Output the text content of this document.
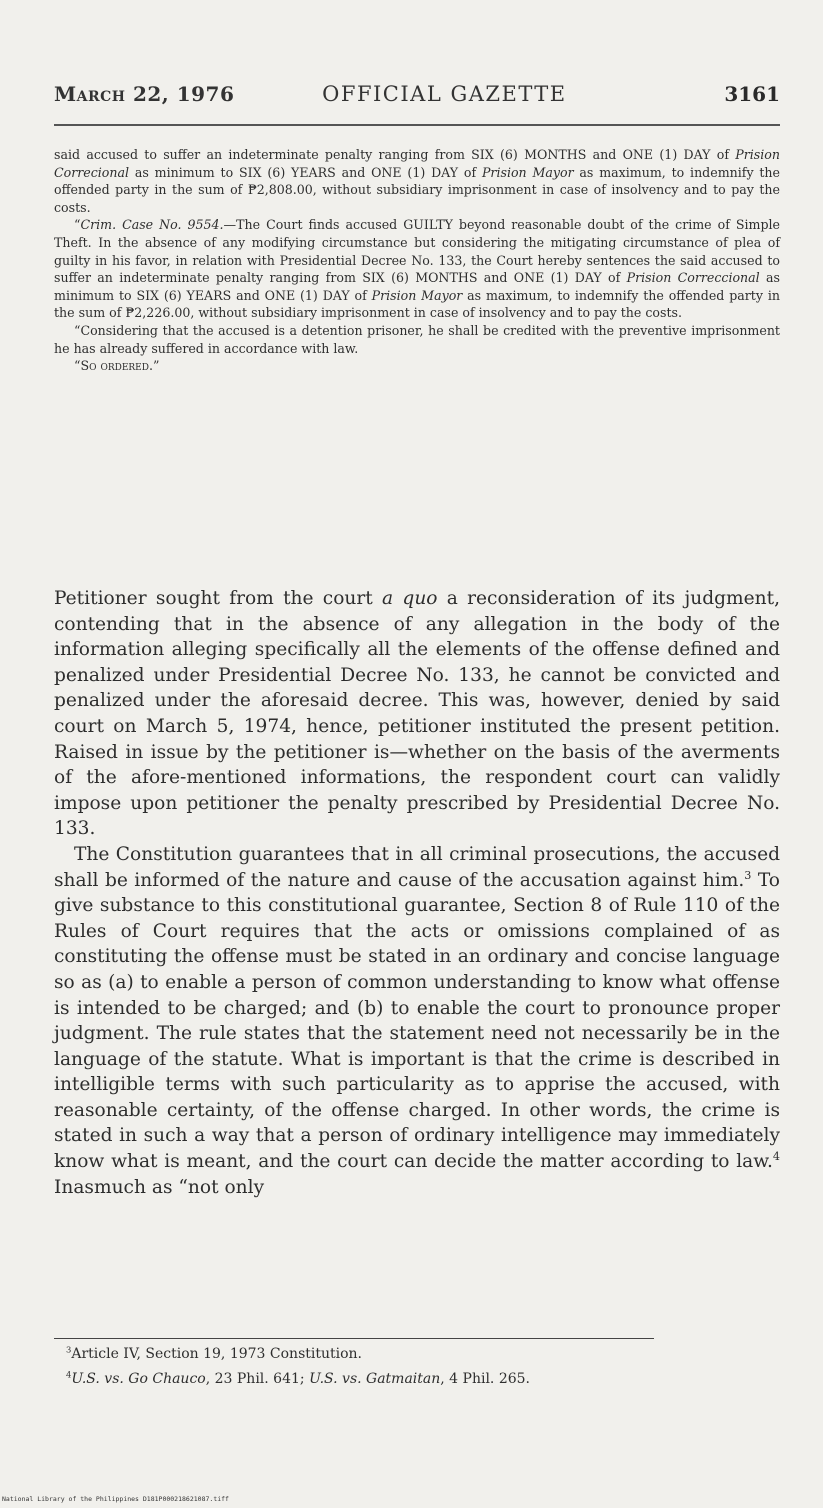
March 22, 1976	OFFICIAL GAZETTE	3161

said accused to suffer an indeterminate penalty ranging from SIX (6) MONTHS and ONE (1) DAY of Prision Correcional as minimum to SIX (6) YEARS and ONE (1) DAY of Prision Mayor as maximum, to indemnify the offended party in the sum of ₱2,808.00, without subsidiary imprisonment in case of insolvency and to pay the costs.

“Crim. Case No. 9554.—The Court finds accused GUILTY beyond reasonable doubt of the crime of Simple Theft. In the absence of any modifying circumstance but considering the mitigating circumstance of plea of guilty in his favor, in relation with Presidential Decree No. 133, the Court hereby sentences the said accused to suffer an indeterminate penalty ranging from SIX (6) MONTHS and ONE (1) DAY of Prision Correccional as minimum to SIX (6) YEARS and ONE (1) DAY of Prision Mayor as maximum, to indemnify the offended party in the sum of ₱2,226.00, without subsidiary imprisonment in case of insolvency and to pay the costs.

“Considering that the accused is a detention prisoner, he shall be credited with the preventive imprisonment he has already suffered in accordance with law.

“So ordered.”

Petitioner sought from the court a quo a reconsideration of its judgment, contending that in the absence of any allegation in the body of the information alleging specifically all the elements of the offense defined and penalized under Presidential Decree No. 133, he cannot be convicted and penalized under the aforesaid decree. This was, however, denied by said court on March 5, 1974, hence, petitioner instituted the present petition. Raised in issue by the petitioner is—whether on the basis of the averments of the afore-mentioned informations, the respondent court can validly impose upon petitioner the penalty prescribed by Presidential Decree No. 133.

The Constitution guarantees that in all criminal prosecutions, the accused shall be informed of the nature and cause of the accusation against him.$^3$ To give substance to this constitutional guarantee, Section 8 of Rule 110 of the Rules of Court requires that the acts or omissions complained of as constituting the offense must be stated in an ordinary and concise language so as (a) to enable a person of common understanding to know what offense is intended to be charged; and (b) to enable the court to pronounce proper judgment. The rule states that the statement need not necessarily be in the language of the statute. What is important is that the crime is described in intelligible terms with such particularity as to apprise the accused, with reasonable certainty, of the offense charged. In other words, the crime is stated in such a way that a person of ordinary intelligence may immediately know what is meant, and the court can decide the matter according to law.$^4$ Inasmuch as “not only

$^3$Article IV, Section 19, 1973 Constitution.

$^4$U.S. vs. Go Chauco, 23 Phil. 641; U.S. vs. Gatmaitan, 4 Phil. 265.

National Library of the Philippines D181P000218621087.tiff
